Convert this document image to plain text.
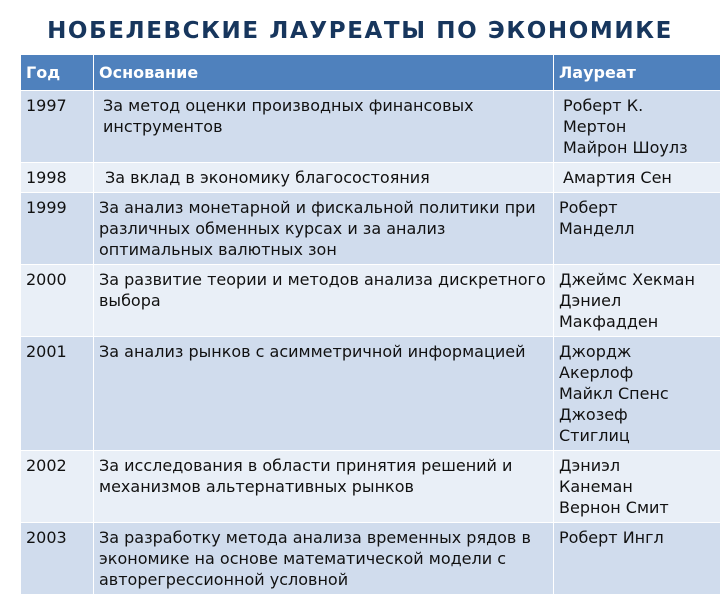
НОБЕЛЕВСКИЕ ЛАУРЕАТЫ ПО ЭКОНОМИКЕ
Год	Основание	Лауреат
1997	За метод оценки производных финансовых инструментов	Роберт К.
Мертон
Майрон Шоулз

1998	За вклад в экономику благосостояния	Амартия Сен

1999	За анализ монетарной и фискальной политики при различных обменных курсах и за анализ оптимальных валютных зон	Роберт
Манделл

2000	За развитие теории и методов анализа дискретного выбора	Джеймс Хекман
Дэниел
Макфадден

2001	За анализ рынков с асимметричной информацией	Джордж
Акерлоф
Майкл Спенс
Джозеф
Стиглиц

2002	За исследования в области принятия решений и механизмов альтернативных рынков	Дэниэл
Канеман
Вернон Смит

2003	За разработку метода анализа временных рядов в экономике на основе математической модели с авторегрессионной условной	Роберт Ингл
